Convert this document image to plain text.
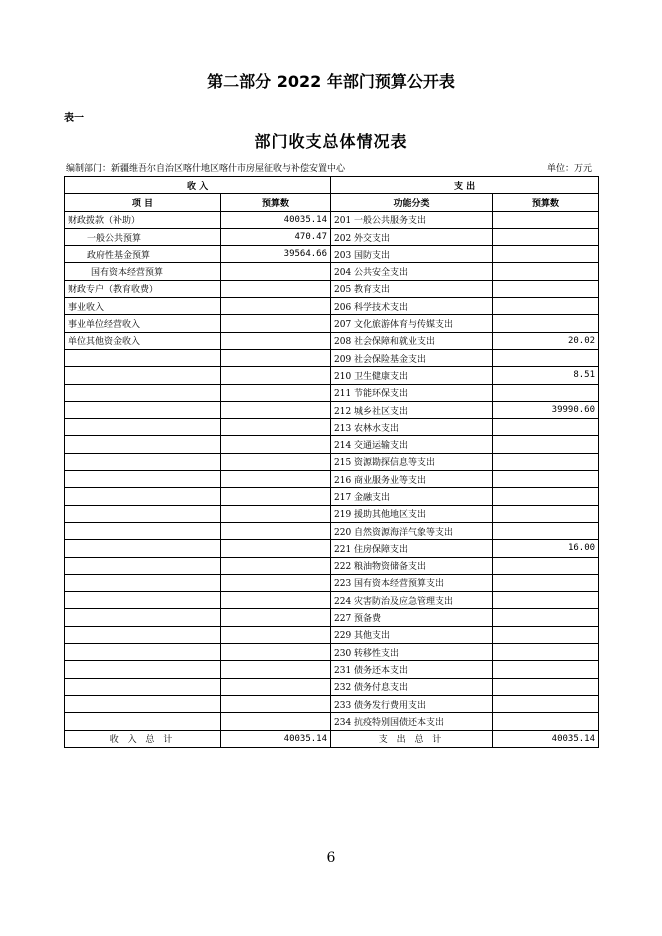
第二部分 2022 年部门预算公开表
表一
部门收支总体情况表
编制部门：新疆维吾尔自治区喀什地区喀什市房屋征收与补偿安置中心	单位：万元
收 入		支 出	
项 目	预算数	功能分类	预算数
财政拨款（补助）	40035.14	201 一般公共服务支出	
一般公共预算	470.47	202 外交支出	
政府性基金预算	39564.66	203 国防支出	
国有资本经营预算		204 公共安全支出	
财政专户（教育收费）		205 教育支出	
事业收入		206 科学技术支出	
事业单位经营收入		207 文化旅游体育与传媒支出	
单位其他资金收入		208 社会保障和就业支出	20.02
		209 社会保险基金支出	
		210 卫生健康支出	8.51
		211 节能环保支出	
		212 城乡社区支出	39990.60
		213 农林水支出	
		214 交通运输支出	
		215 资源勘探信息等支出	
		216 商业服务业等支出	
		217 金融支出	
		219 援助其他地区支出	
		220 自然资源海洋气象等支出	
		221 住房保障支出	16.00
		222 粮油物资储备支出	
		223 国有资本经营预算支出	
		224 灾害防治及应急管理支出	
		227 预备费	
		229 其他支出	
		230 转移性支出	
		231 债务还本支出	
		232 债务付息支出	
		233 债务发行费用支出	
		234 抗疫特别国债还本支出	
收 入 总 计	40035.14	支 出 总 计	40035.14
6
